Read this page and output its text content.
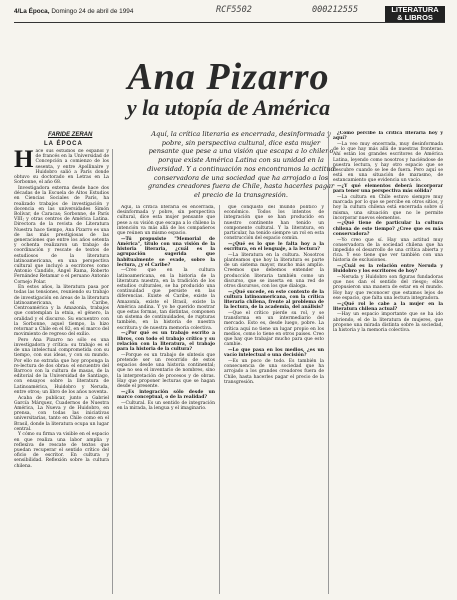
4/La Época, Domingo 24 de abril de 1994	RCF5502	000212555	LITERATURA
& LIBROS
Ana Pizarro
y la utopía de América
FARIDE ZERAN
LA ÉPOCA
Aquí, la crítica literaria es encerrada, desinformada y pobre, sin perspectiva cultural, dice esta mujer pensante que pese a una visión que escapa a lo chileno porque existe América Latina con su unidad en la diversidad. Y a continuación nos encontramos la actitud conservadora de una sociedad que ha arrojado a los grandes creadores fuera de Chile, hasta hacerles pagar el precio de la transgresión.

Hace sus estudios de español y de francés en la Universidad de Concepción a comienzo de los sesenta, y entre Apollinaire y Huidobro salió a París donde obtuvo su doctorado en Letras en La Sorbonne, el año 68.

Investigadora externa desde hace dos décadas de la Escuela de Altos Estudios en Ciencias Sociales de París, ha realizado trabajos de investigación y docencia en las universidades Simón Bolívar, de Caracas; Sorbonne, de París VIII; y otras centros de América Latina. Directora de la revista de Literatura Nuestra hace tiempo, Ana Pizarro es una de las más prestigiosas de las generaciones que entre los años setenta y ochenta realizaron un trabajo de coordinación y rescate de textos de estudiosos de la literatura latinoamericana, en una perspectiva cultural que incluyó a escritores como Antonio Candido, Ángel Rama, Roberto Fernández Retamar o el peruano Antonio Cornejo Polar.

En estos años, la literatura pasa por todas las tensiones, reuniendo su trabajo de investigación en áreas de la literatura latinoamericana, el Caribe, Centroamérica y la Amazonía, trabajos que contemplan la etnia, el género, la oralidad y el discurso. Su encuentro con la Sorbonne, aquel tiempo, la hizo retornar a Chile en el 82, en el marco del movimiento de regreso del exilio.

Pero Ana Pizarro no sólo es una investigadora y crítica: su trabajo es el de una intelectual comprometida con su tiempo, con sus ideas, y con su mundo. Por ello no extraña que hoy proponga la re-lectura de dos obras: el encuentro del Barroco con la cultura de masas, de la editorial de la Universidad de Santiago, con ensayos sobre la literatura de Latinoamérica, Huidobro y Neruda, entre otros; un libro de los años noventa.

Acaba de publicar, junto a Gabriel García Márquez, Cuadernos de Nuestra América, La Nueva y de Huidobro, en prensa, con todas las iniciativas universitarias, tanto en Chile como en el Brasil, donde la literatura ocupa un lugar central.

Y cómo su firma va visible en el espacio en que realiza una labor amplia y reflexiva de rescate de textos que puedan recuperar el sentido crítico del oficio de escritor. En cultura y sensibilidad. Reflexión sobre la cultura chilena.

Aquí, la crítica literaria es encerrada, desinformada y pobre, sin perspectiva cultural, dice esta mujer pensante que pese a su visión que escapa a lo chileno la intención va más allá de los compañeros que reúnen un mismo espacio.

—Tú propusiste "Memorial de América", título con una visión de la historia literaria, ¿cuál es la agrupación sugerida que habitualmente se evade, sobre la lectura, ¿y el Caribe?

—Creo que en la cultura latinoamericana, en la historia de la literatura nuestra, en la tradición de los estudios culturales, se ha producido una continuidad que persiste en las diferencias. Existe el Caribe, existe la Amazonía, existe el Brasil, existe la América andina. Y yo he querido mostrar que estas formas, tan distintas, componen un sistema de continuidades, de rupturas también, en la historia de nuestra escritura y de nuestra memoria colectiva.

—¿Por qué es un trabajo escrito a libros, con todo el trabajo crítico y su relación con la literatura, el trabajo para la historia de la cultura?

—Porque es un trabajo de síntesis que pretende ser un recorrido de estos espacios desde una historia continental; que no sea el inventario de nombres, sino la interpretación de procesos y de obras. Hay que proponer lecturas que se hagan desde el presente.

—¿Es integración sólo desde un marco conceptual, o de la realidad?

—Cultural. Es un sentido de integración en la mirada, la lengua y el imaginario.

que conquistó del mundo político y económico. Todos los intentos de integración que se han producido en nuestro continente han tenido un componente cultural. Y la literatura, en particular, ha tenido siempre un rol en esta construcción del espacio común.

—¿Qué es lo que le falta hoy a la escritura, en el lenguaje, a la lectura?

—La literatura en la cultura. Nosotros planteamos que hoy la literatura es parte de un sistema mayor, mucho más amplio. Creemos que debemos entender la producción literaria también como un discurso, que se inserta en una red de otros discursos, con los que dialoga.

—¿Qué sucede, en este contexto de la cultura latinoamericana, con la crítica literaria chilena, frente al problema de la lectura, de la academia, del análisis?

—Que el crítico pierde su rol, y se transforma en un intermediario del mercado. Esto es, desde luego, pobre. La crítica aquí no tiene un lugar propio en los medios, como lo tiene en otros países. Creo que hay que trabajar mucho para que esto cambie.

—Lo que pasa en los medios, ¿es un vacío intelectual o una decisión?

—Es un poco de todo. Es también la consecuencia de una sociedad que ha arrojado a los grandes creadores fuera de Chile, hasta hacerles pagar el precio de la transgresión.

¿Cómo percibe la crítica literaria hoy y aquí?

—La veo muy encerrada, muy desinformada de lo que hay más allá de nuestras fronteras. Ahí están los grandes escritores de América Latina, leyendo como nosotros y haciéndose de nuestra lectura, y hay otro espacio que se descubre cuando se lee de fuera. Pero aquí se está en una situación de marasmo, de estancamiento que evidencia un vacío.

—¿Y qué elementos deberá incorporar para tener una perspectiva más sólida?

—La cultura en Chile estuvo siempre muy marcada por lo que se percibe en otros sitios, y hoy la cultura chilena está encerrada sobre sí misma, una situación que no le permite incorporar nuevos elementos.

—¿Qué tiene de particular la cultura chilena de este tiempo? ¿Cree que es más conservadora?

—Yo creo que sí. Hay una actitud muy conservadora de la sociedad chilena que ha impedido el desarrollo de una crítica abierta y rica. Y eso tiene que ver también con una historia de exclusiones.

—¿Cuál es la relación entre Neruda y Huidobro y los escritores de hoy?

—Neruda y Huidobro son figuras fundadoras que nos dan el sentido del riesgo; ellos propusieron una manera de estar en el mundo. Hoy hay que reconocer que estamos lejos de ese espacio, que falta una lectura integradora.

—¿Qué rol le cabe a la mujer en la literatura chilena actual?

—Hay un espacio importante que se ha ido abriendo, el de la literatura de mujeres, que propone una mirada distinta sobre la sociedad, la historia y la memoria colectiva.
